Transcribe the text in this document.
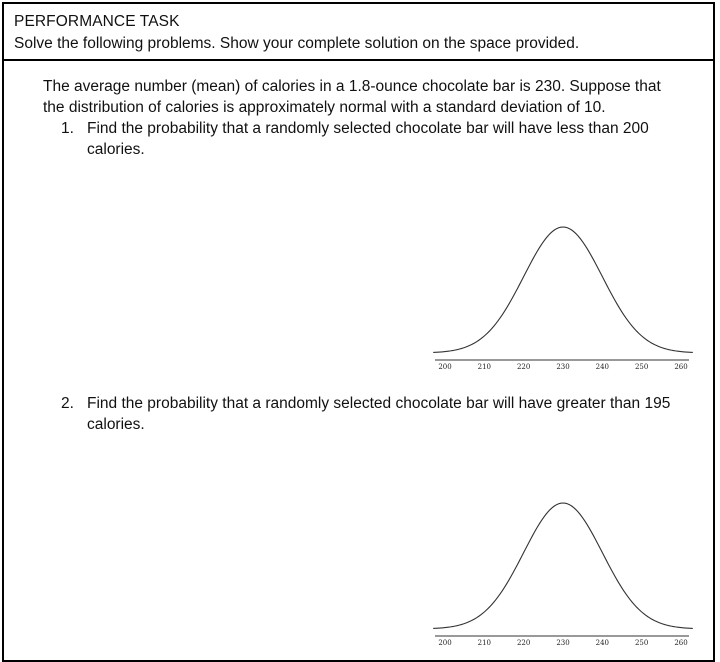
PERFORMANCE TASK
Solve the following problems. Show your complete solution on the space provided.
The average number (mean) of calories in a 1.8-ounce chocolate bar is 230. Suppose that the distribution of calories is approximately normal with a standard deviation of 10.
1. Find the probability that a randomly selected chocolate bar will have less than 200 calories.
200	210	220	230	240	250	260
2. Find the probability that a randomly selected chocolate bar will have greater than 195 calories.
200	210	220	230	240	250	260
